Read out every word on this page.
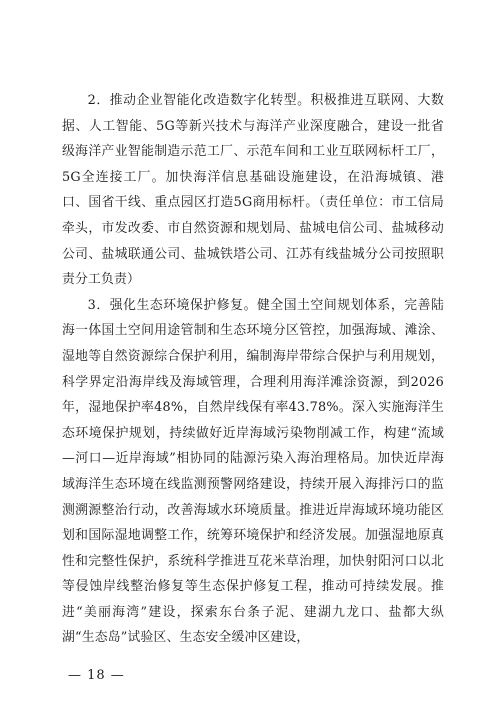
2．推动企业智能化改造数字化转型。积极推进互联网、大数据、人工智能、5G等新兴技术与海洋产业深度融合，建设一批省级海洋产业智能制造示范工厂、示范车间和工业互联网标杆工厂，5G全连接工厂。加快海洋信息基础设施建设，在沿海城镇、港口、国省干线、重点园区打造5G商用标杆。（责任单位：市工信局牵头，市发改委、市自然资源和规划局、盐城电信公司、盐城移动公司、盐城联通公司、盐城铁塔公司、江苏有线盐城分公司按照职责分工负责）

3．强化生态环境保护修复。健全国土空间规划体系，完善陆海一体国土空间用途管制和生态环境分区管控，加强海域、滩涂、湿地等自然资源综合保护利用，编制海岸带综合保护与利用规划，科学界定沿海岸线及海域管理，合理利用海洋滩涂资源，到2026年，湿地保护率48%，自然岸线保有率43.78%。深入实施海洋生态环境保护规划，持续做好近岸海域污染物削减工作，构建“流域—河口—近岸海域”相协同的陆源污染入海治理格局。加快近岸海域海洋生态环境在线监测预警网络建设，持续开展入海排污口的监测溯源整治行动，改善海域水环境质量。推进近岸海域环境功能区划和国际湿地调整工作，统筹环境保护和经济发展。加强湿地原真性和完整性保护，系统科学推进互花米草治理，加快射阳河口以北等侵蚀岸线整治修复等生态保护修复工程，推动可持续发展。推进“美丽海湾”建设，探索东台条子泥、建湖九龙口、盐都大纵湖“生态岛”试验区、生态安全缓冲区建设，

— 18 —
